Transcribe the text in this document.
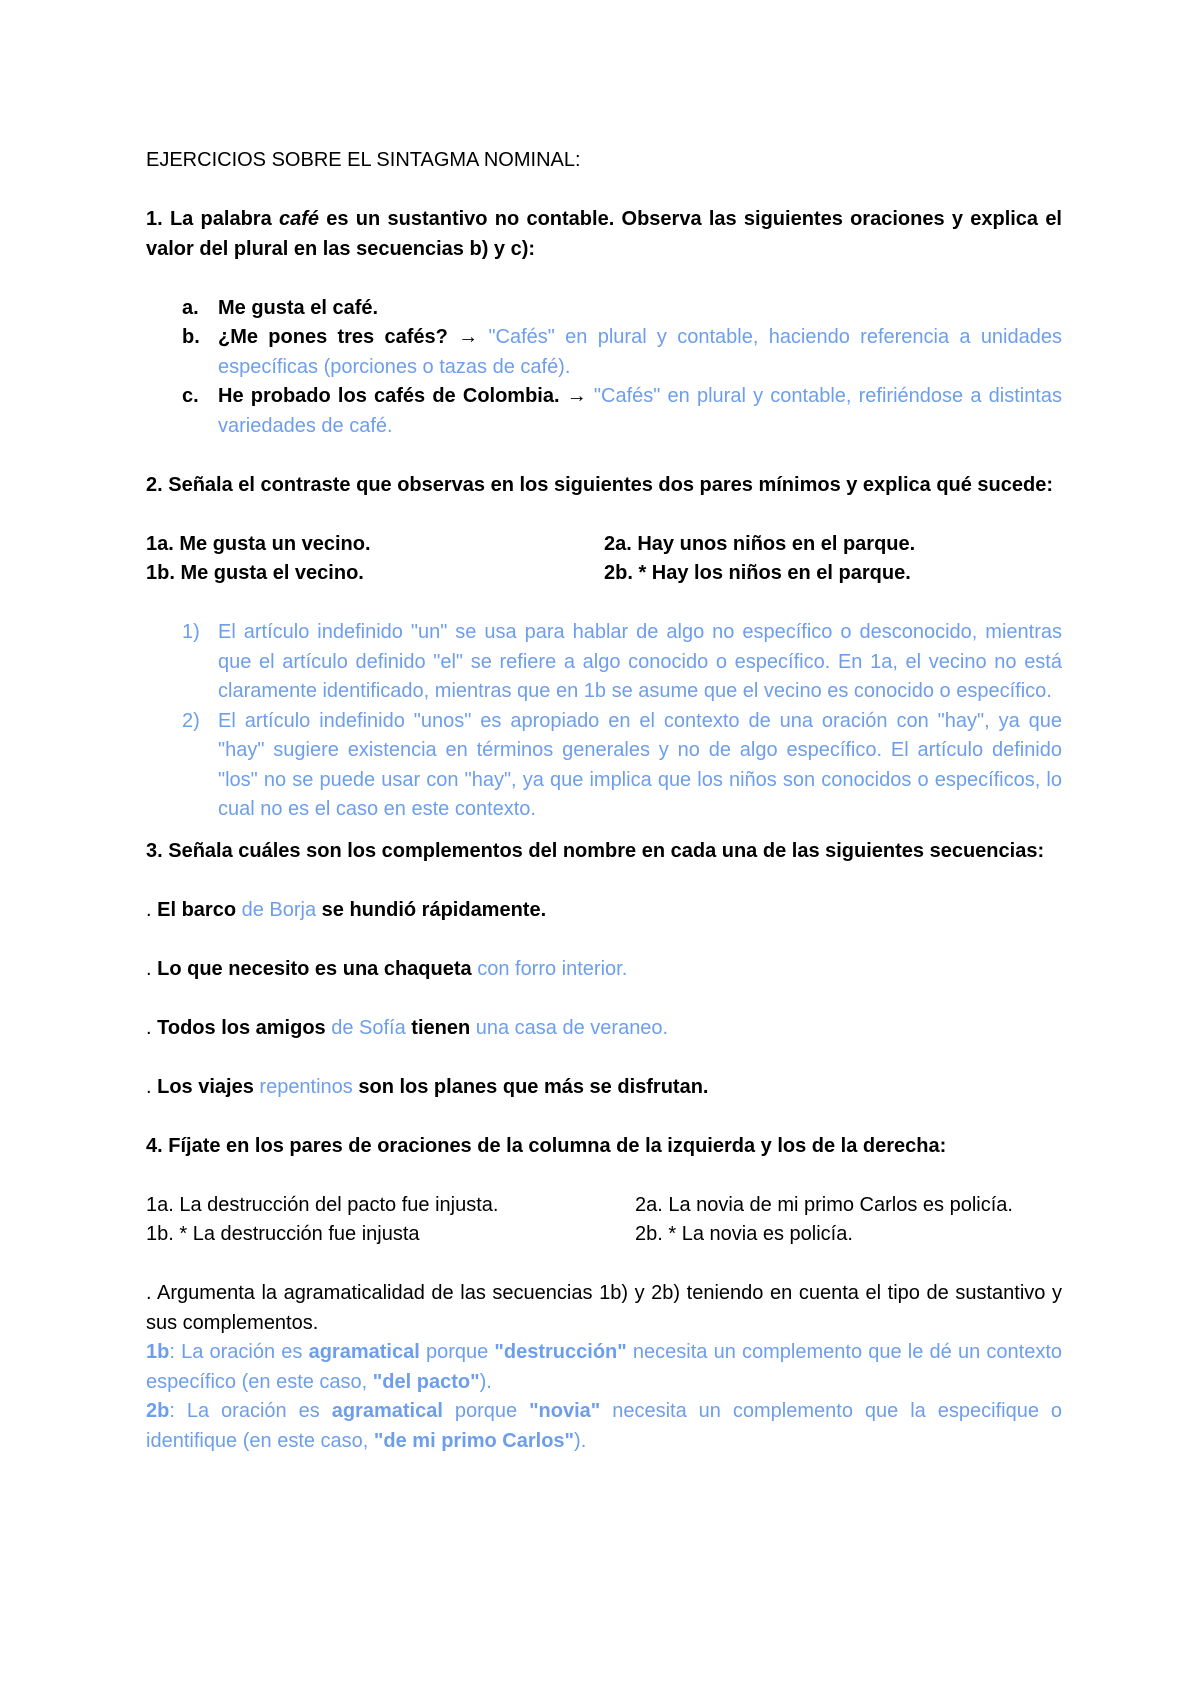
EJERCICIOS SOBRE EL SINTAGMA NOMINAL:

1. La palabra café es un sustantivo no contable. Observa las siguientes oraciones y explica el valor del plural en las secuencias b) y c):

a. Me gusta el café.
b. ¿Me pones tres cafés? → "Cafés" en plural y contable, haciendo referencia a unidades específicas (porciones o tazas de café).
c. He probado los cafés de Colombia. → "Cafés" en plural y contable, refiriéndose a distintas variedades de café.

2. Señala el contraste que observas en los siguientes dos pares mínimos y explica qué sucede:

1a. Me gusta un vecino.	2a. Hay unos niños en el parque.
1b. Me gusta el vecino.	2b. * Hay los niños en el parque.
1) El artículo indefinido "un" se usa para hablar de algo no específico o desconocido, mientras que el artículo definido "el" se refiere a algo conocido o específico. En 1a, el vecino no está claramente identificado, mientras que en 1b se asume que el vecino es conocido o específico.
2) El artículo indefinido "unos" es apropiado en el contexto de una oración con "hay", ya que "hay" sugiere existencia en términos generales y no de algo específico. El artículo definido "los" no se puede usar con "hay", ya que implica que los niños son conocidos o específicos, lo cual no es el caso en este contexto.

3. Señala cuáles son los complementos del nombre en cada una de las siguientes secuencias:

. El barco de Borja se hundió rápidamente.

. Lo que necesito es una chaqueta con forro interior.

. Todos los amigos de Sofía tienen una casa de veraneo.

. Los viajes repentinos son los planes que más se disfrutan.

4. Fíjate en los pares de oraciones de la columna de la izquierda y los de la derecha:

1a. La destrucción del pacto fue injusta.	2a. La novia de mi primo Carlos es policía.
1b. * La destrucción fue injusta	2b. * La novia es policía.

. Argumenta la agramaticalidad de las secuencias 1b) y 2b) teniendo en cuenta el tipo de sustantivo y sus complementos.

1b: La oración es agramatical porque "destrucción" necesita un complemento que le dé un contexto específico (en este caso, "del pacto").

2b: La oración es agramatical porque "novia" necesita un complemento que la especifique o identifique (en este caso, "de mi primo Carlos").
